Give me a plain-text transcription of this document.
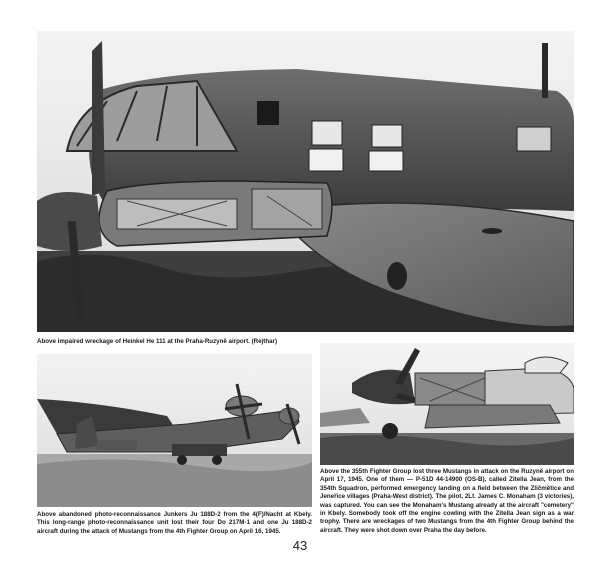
Above impaired wreckage of Heinkel He 111 at the Praha-Ruzyně airport. (Rejthar)

Above abandoned photo-reconnaissance Junkers Ju 188D-2 from the 4(F)/Nacht at Kbely. This long-range photo-reconnaissance unit lost their four Do 217M-1 and one Ju 188D-2 aircraft during the attack of Mustangs from the 4th Fighter Group on April 16, 1945.

Above the 355th Fighter Group lost three Mustangs in attack on the Ruzyně airport on April 17, 1945. One of them — P-51D 44-14900 (OS-B), called Zitella Jean, from the 354th Squadron, performed emergency landing on a field between the Zličmětice and Jeneřice villages (Praha-West district). The pilot, 2Lt. James C. Monaham (3 victories), was captured. You can see the Monaham's Mustang already at the aircraft "cemetery" in Kbely. Somebody took off the engine cowling with the Zitella Jean sign as a war trophy. There are wreckages of two Mustangs from the 4th Fighter Group behind the aircraft. They were shot down over Praha the day before.

43
